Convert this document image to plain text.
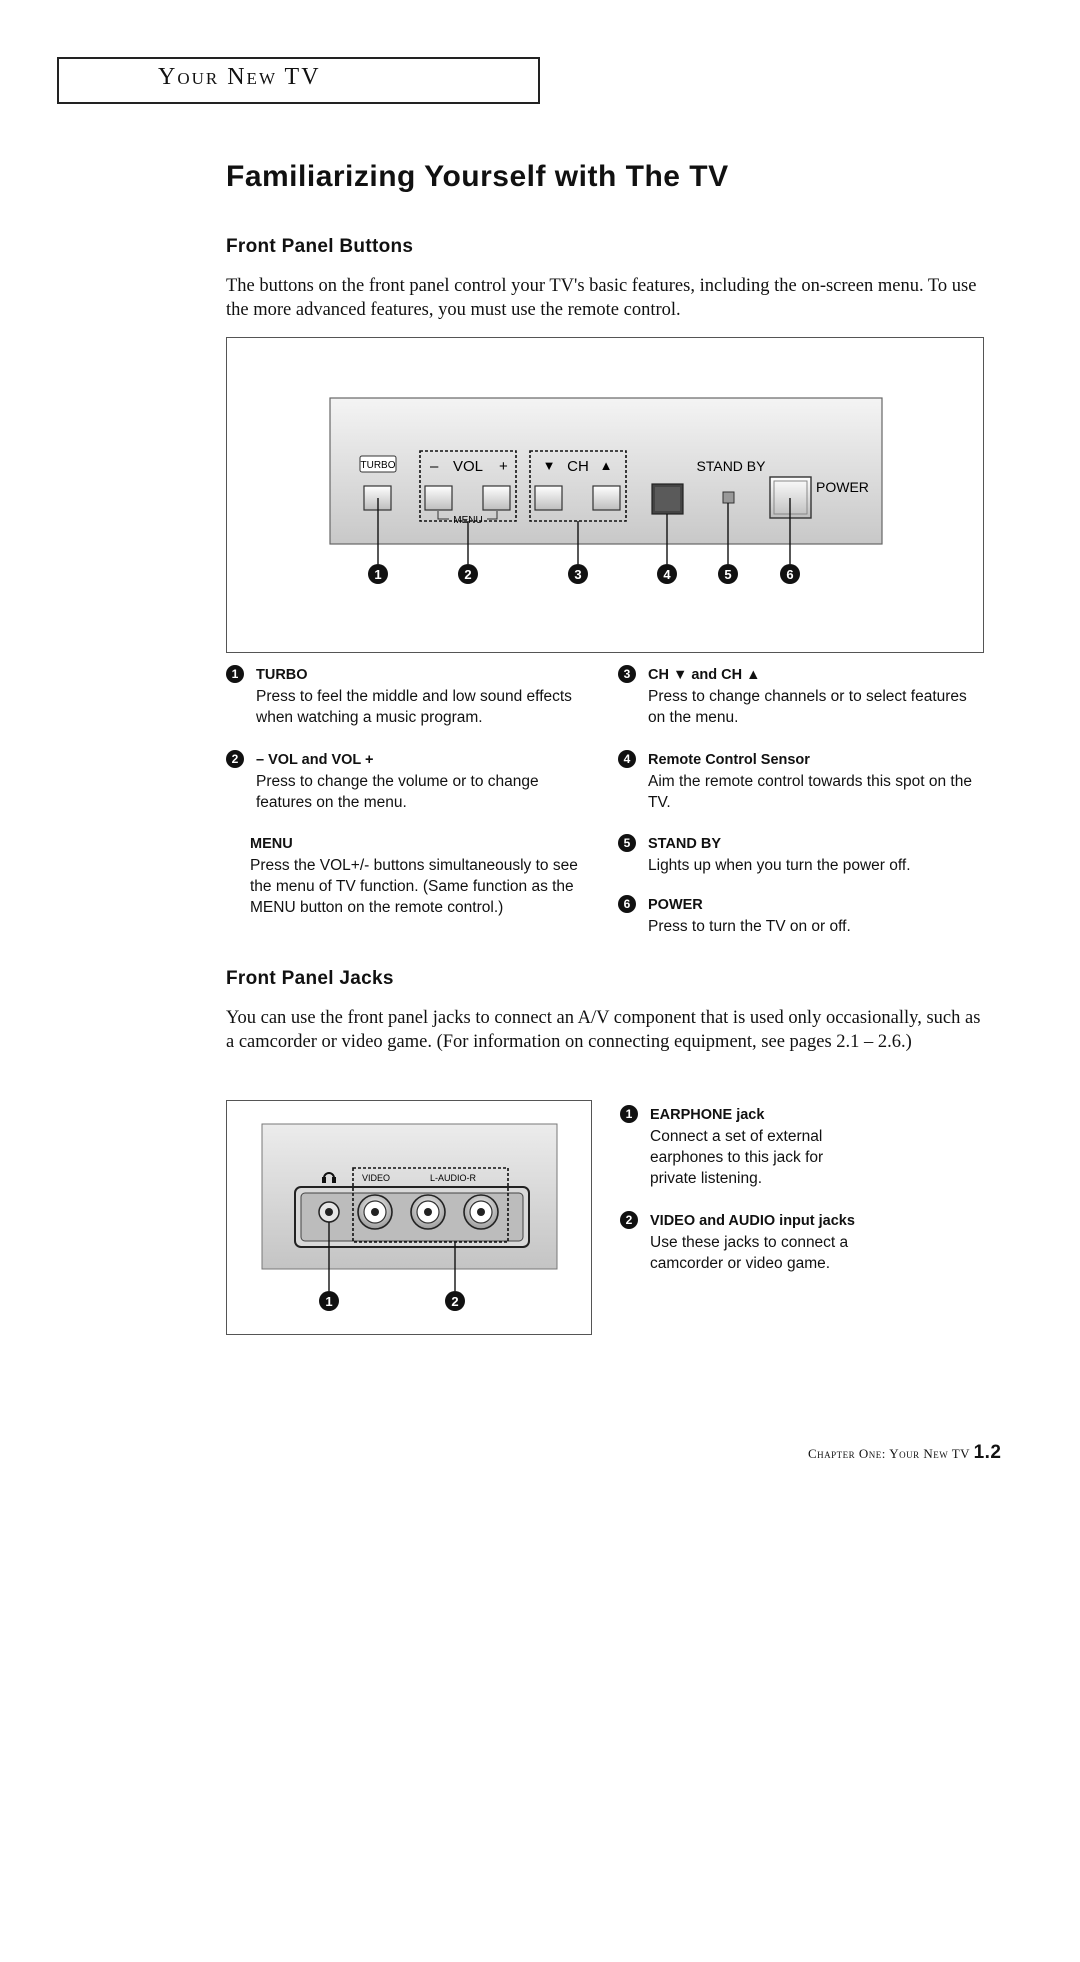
Your New TV
Familiarizing Yourself with The TV
Front Panel Buttons

The buttons on the front panel control your TV's basic features, including the on-screen menu. To use the more advanced features, you must use the remote control.

TURBO – VOL +
MENU
▼ CH ▲	STAND BY
POWER
1	2	3	4	5	6
1	TURBO
Press to feel the middle and low sound effects when watching a music program.
2	– VOL and VOL +
Press to change the volume or to change features on the menu.
MENU
Press the VOL+/- buttons simultaneously to see the menu of TV function. (Same function as the MENU button on the remote control.)
3	CH ▼ and CH ▲
Press to change channels or to select features on the menu.
4	Remote Control Sensor
Aim the remote control towards this spot on the TV.
5	STAND BY
Lights up when you turn the power off.
6	POWER
Press to turn the TV on or off.
Front Panel Jacks

You can use the front panel jacks to connect an A/V component that is used only occasionally, such as a camcorder or video game. (For information on connecting equipment, see pages 2.1 – 2.6.)

VIDEO	L-AUDIO-R
1	2
1	EARPHONE jack
Connect a set of external earphones to this jack for private listening.
2	VIDEO and AUDIO input jacks
Use these jacks to connect a camcorder or video game.
Chapter One: Your New TV 1.2
